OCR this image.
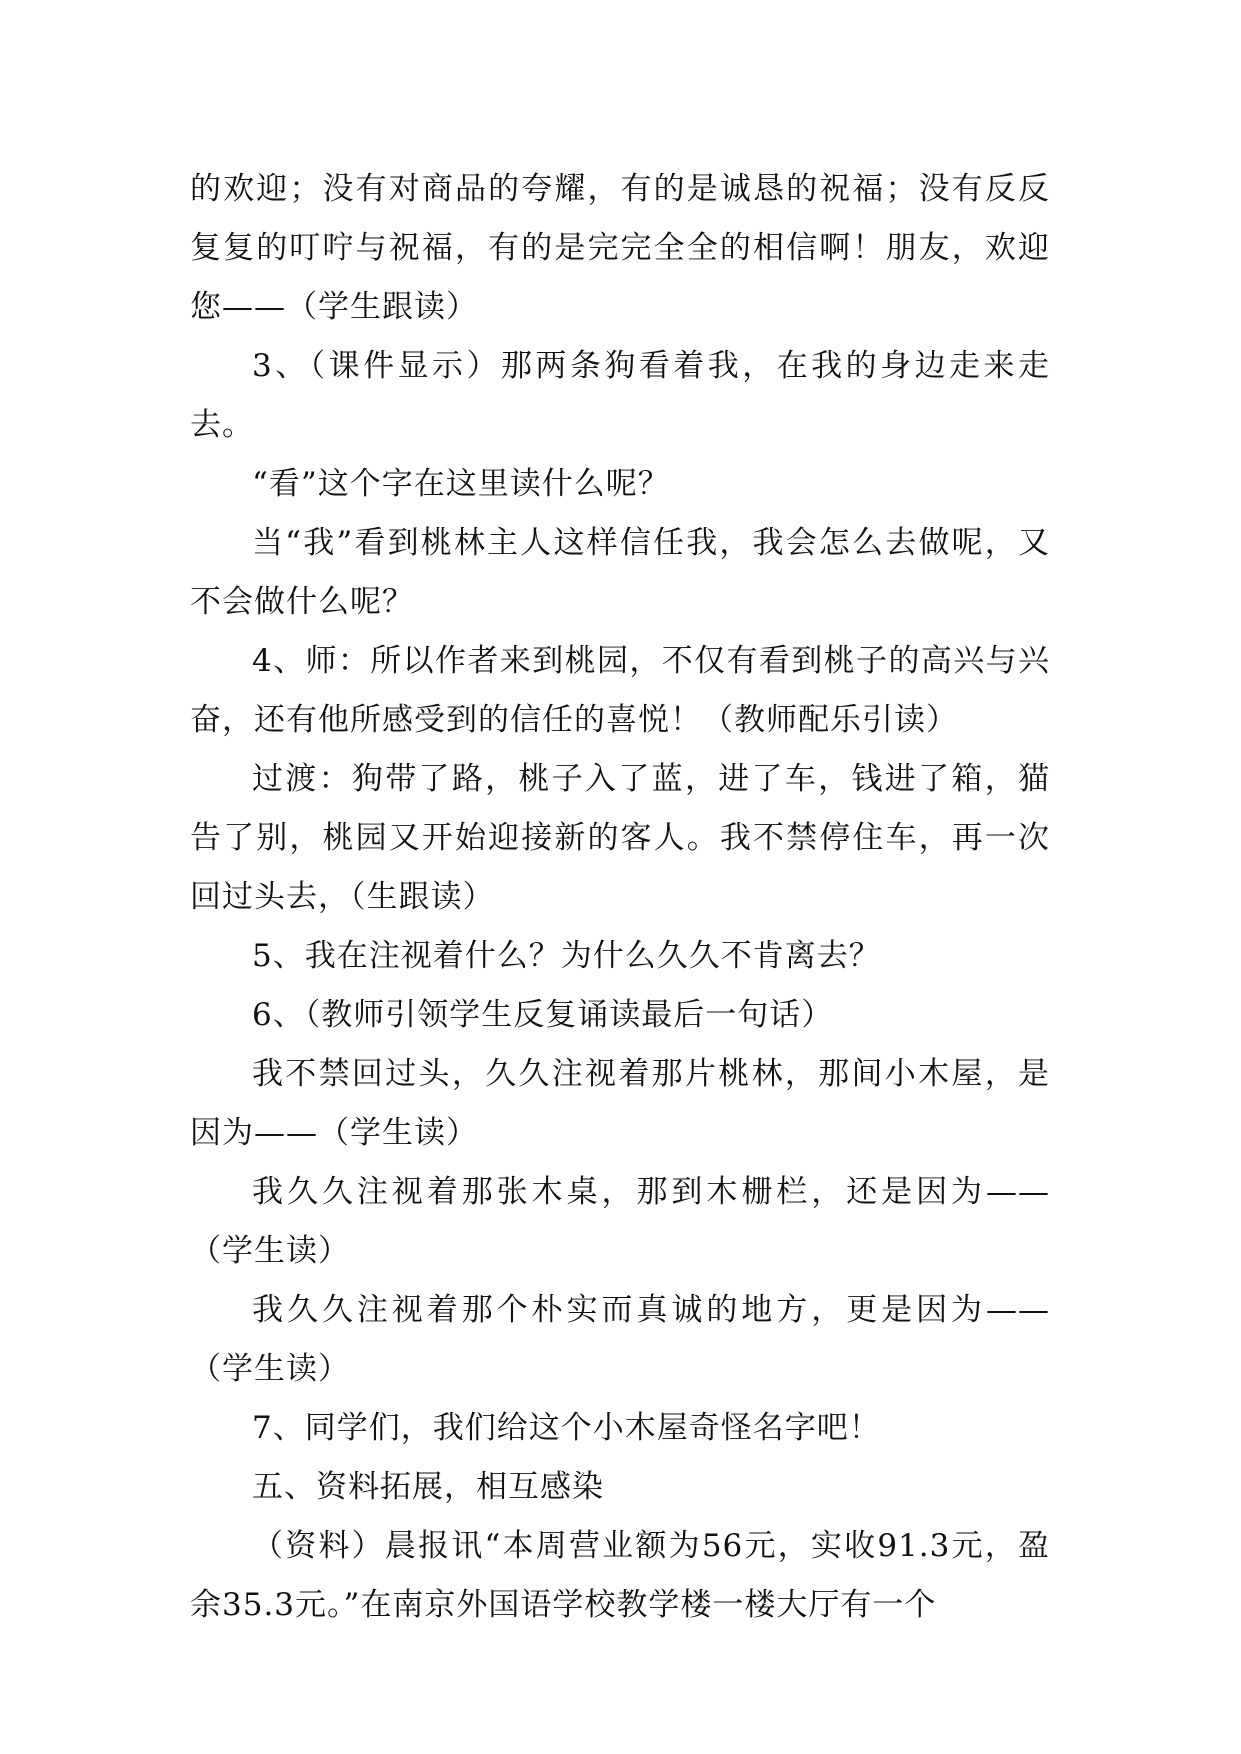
的欢迎；没有对商品的夸耀，有的是诚恳的祝福；没有反反复复的叮咛与祝福，有的是完完全全的相信啊！朋友，欢迎您——（学生跟读）

3、（课件显示）那两条狗看着我，在我的身边走来走去。

“看”这个字在这里读什么呢？

当“我”看到桃林主人这样信任我，我会怎么去做呢，又不会做什么呢？

4、师：所以作者来到桃园，不仅有看到桃子的高兴与兴奋，还有他所感受到的信任的喜悦！（教师配乐引读）

过渡：狗带了路，桃子入了蓝，进了车，钱进了箱，猫告了别，桃园又开始迎接新的客人。我不禁停住车，再一次回过头去，（生跟读）

5、我在注视着什么？为什么久久不肯离去？

6、（教师引领学生反复诵读最后一句话）

我不禁回过头，久久注视着那片桃林，那间小木屋，是因为——（学生读）

我久久注视着那张木桌，那到木栅栏，还是因为——（学生读）

我久久注视着那个朴实而真诚的地方，更是因为——（学生读）

7、同学们，我们给这个小木屋奇怪名字吧！

五、资料拓展，相互感染

（资料）晨报讯“本周营业额为56元，实收91.3元，盈余35.3元。”在南京外国语学校教学楼一楼大厅有一个
